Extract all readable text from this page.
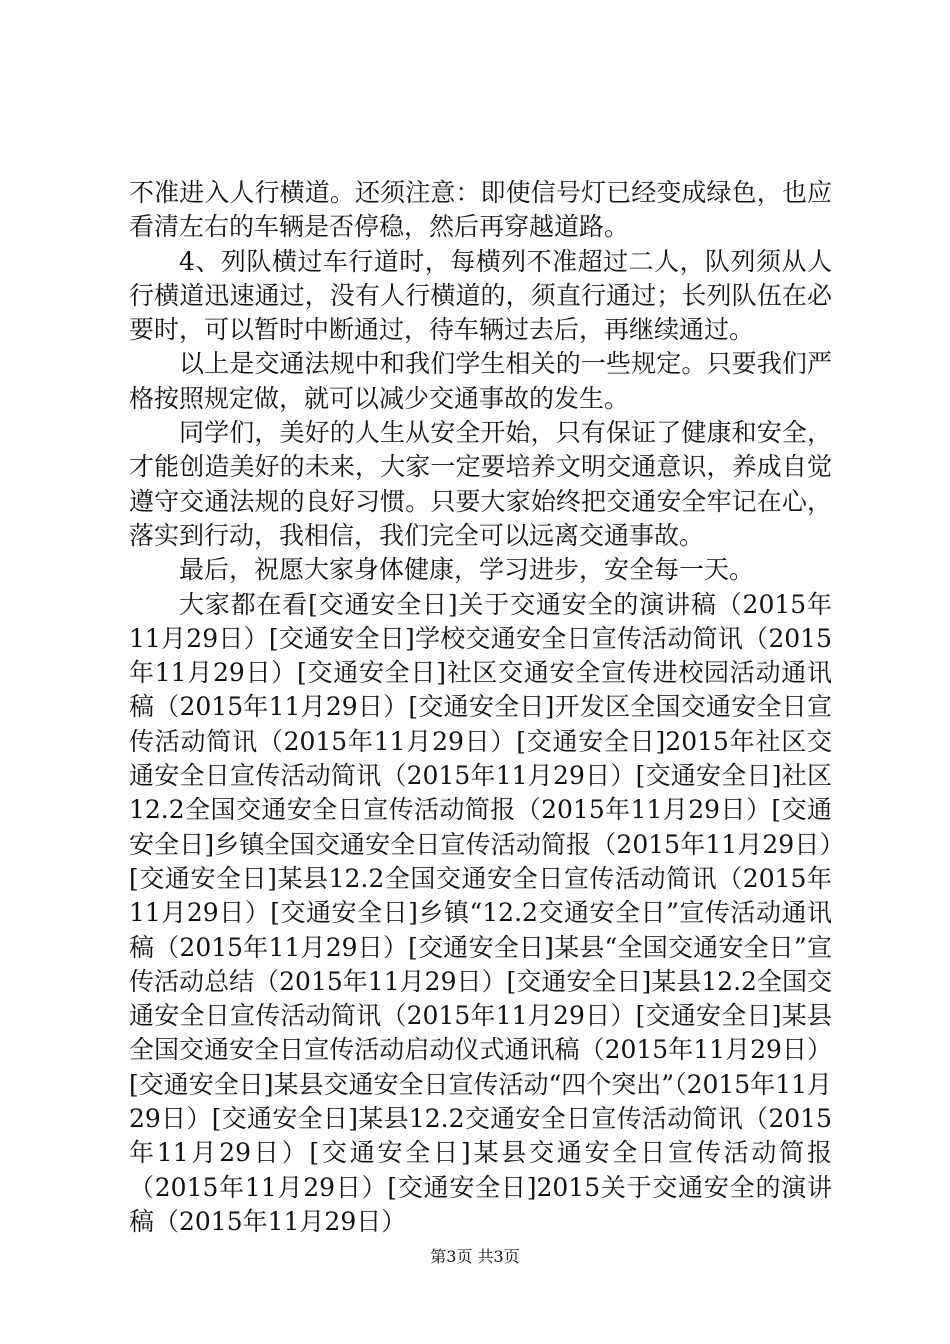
不准进入人行横道。还须注意：即使信号灯已经变成绿色，也应看清左右的车辆是否停稳，然后再穿越道路。

4、列队横过车行道时，每横列不准超过二人，队列须从人行横道迅速通过，没有人行横道的，须直行通过；长列队伍在必要时，可以暂时中断通过，待车辆过去后，再继续通过。

以上是交通法规中和我们学生相关的一些规定。只要我们严格按照规定做，就可以减少交通事故的发生。

同学们，美好的人生从安全开始，只有保证了健康和安全，才能创造美好的未来，大家一定要培养文明交通意识，养成自觉遵守交通法规的良好习惯。只要大家始终把交通安全牢记在心，落实到行动，我相信，我们完全可以远离交通事故。

最后，祝愿大家身体健康，学习进步，安全每一天。

大家都在看[交通安全日]关于交通安全的演讲稿（2015年11月29日）[交通安全日]学校交通安全日宣传活动简讯（2015年11月29日）[交通安全日]社区交通安全宣传进校园活动通讯稿（2015年11月29日）[交通安全日]开发区全国交通安全日宣传活动简讯（2015年11月29日）[交通安全日]2015年社区交通安全日宣传活动简讯（2015年11月29日）[交通安全日]社区12.2全国交通安全日宣传活动简报（2015年11月29日）[交通安全日]乡镇全国交通安全日宣传活动简报（2015年11月29日）[交通安全日]某县12.2全国交通安全日宣传活动简讯（2015年11月29日）[交通安全日]乡镇“12.2交通安全日”宣传活动通讯稿（2015年11月29日）[交通安全日]某县“全国交通安全日”宣传活动总结（2015年11月29日）[交通安全日]某县12.2全国交通安全日宣传活动简讯（2015年11月29日）[交通安全日]某县全国交通安全日宣传活动启动仪式通讯稿（2015年11月29日）[交通安全日]某县交通安全日宣传活动“四个突出”（2015年11月29日）[交通安全日]某县12.2交通安全日宣传活动简讯（2015年11月29日）[交通安全日]某县交通安全日宣传活动简报（2015年11月29日）[交通安全日]2015关于交通安全的演讲稿（2015年11月29日）

第3页 共3页
